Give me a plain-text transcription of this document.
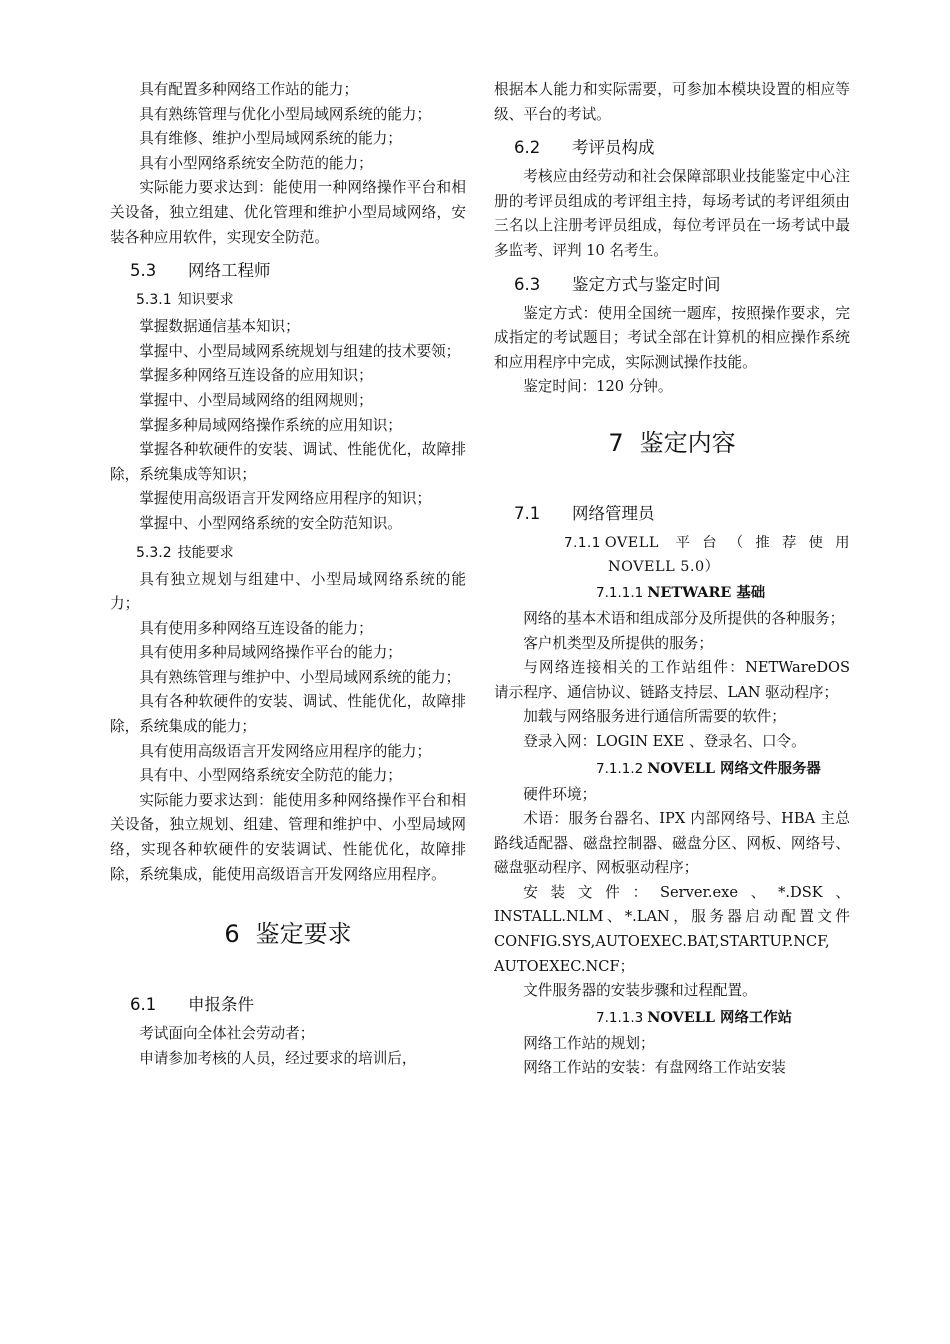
具有配置多种网络工作站的能力；

具有熟练管理与优化小型局域网系统的能力；

具有维修、维护小型局域网系统的能力；

具有小型网络系统安全防范的能力；

实际能力要求达到：能使用一种网络操作平台和相关设备，独立组建、优化管理和维护小型局域网络，安装各种应用软件，实现安全防范。

5.3 网络工程师
5.3.1 知识要求

掌握数据通信基本知识；

掌握中、小型局域网系统规划与组建的技术要领；

掌握多种网络互连设备的应用知识；

掌握中、小型局域网络的组网规则；

掌握多种局域网络操作系统的应用知识；

掌握各种软硬件的安装、调试、性能优化，故障排除，系统集成等知识；

掌握使用高级语言开发网络应用程序的知识；

掌握中、小型网络系统的安全防范知识。

5.3.2 技能要求

具有独立规划与组建中、小型局域网络系统的能力；

具有使用多种网络互连设备的能力；

具有使用多种局域网络操作平台的能力；

具有熟练管理与维护中、小型局域网系统的能力；

具有各种软硬件的安装、调试、性能优化，故障排除，系统集成的能力；

具有使用高级语言开发网络应用程序的能力；

具有中、小型网络系统安全防范的能力；

实际能力要求达到：能使用多种网络操作平台和相关设备，独立规划、组建、管理和维护中、小型局域网络，实现各种软硬件的安装调试、性能优化，故障排除，系统集成，能使用高级语言开发网络应用程序。

6 鉴定要求
6.1 申报条件

考试面向全体社会劳动者；

申请参加考核的人员，经过要求的培训后，

根据本人能力和实际需要，可参加本模块设置的相应等级、平台的考试。

6.2 考评员构成

考核应由经劳动和社会保障部职业技能鉴定中心注册的考评员组成的考评组主持，每场考试的考评组须由三名以上注册考评员组成，每位考评员在一场考试中最多监考、评判 10 名考生。

6.3 鉴定方式与鉴定时间

鉴定方式：使用全国统一题库，按照操作要求，完成指定的考试题目；考试全部在计算机的相应操作系统和应用程序中完成，实际测试操作技能。

鉴定时间：120 分钟。

7 鉴定内容
7.1 网络管理员
7.1.1 OVELL 平台（推荐使用
NOVELL 5.0）
7.1.1.1 NETWARE 基础

网络的基本术语和组成部分及所提供的各种服务；

客户机类型及所提供的服务；

与网络连接相关的工作站组件：NETWareDOS 请示程序、通信协议、链路支持层、LAN 驱动程序；

加载与网络服务进行通信所需要的软件；

登录入网：LOGIN EXE 、登录名、口令。

7.1.1.2 NOVELL 网络文件服务器

硬件环境；

术语：服务台器名、IPX 内部网络号、HBA 主总路线适配器、磁盘控制器、磁盘分区、网板、网络号、磁盘驱动程序、网板驱动程序；

安装文件：Server.exe、*.DSK、INSTALL.NLM、*.LAN，服务器启动配置文件 CONFIG.SYS,AUTOEXEC.BAT,STARTUP.NCF, AUTOEXEC.NCF；

文件服务器的安装步骤和过程配置。

7.1.1.3 NOVELL 网络工作站

网络工作站的规划；

网络工作站的安装：有盘网络工作站安装
